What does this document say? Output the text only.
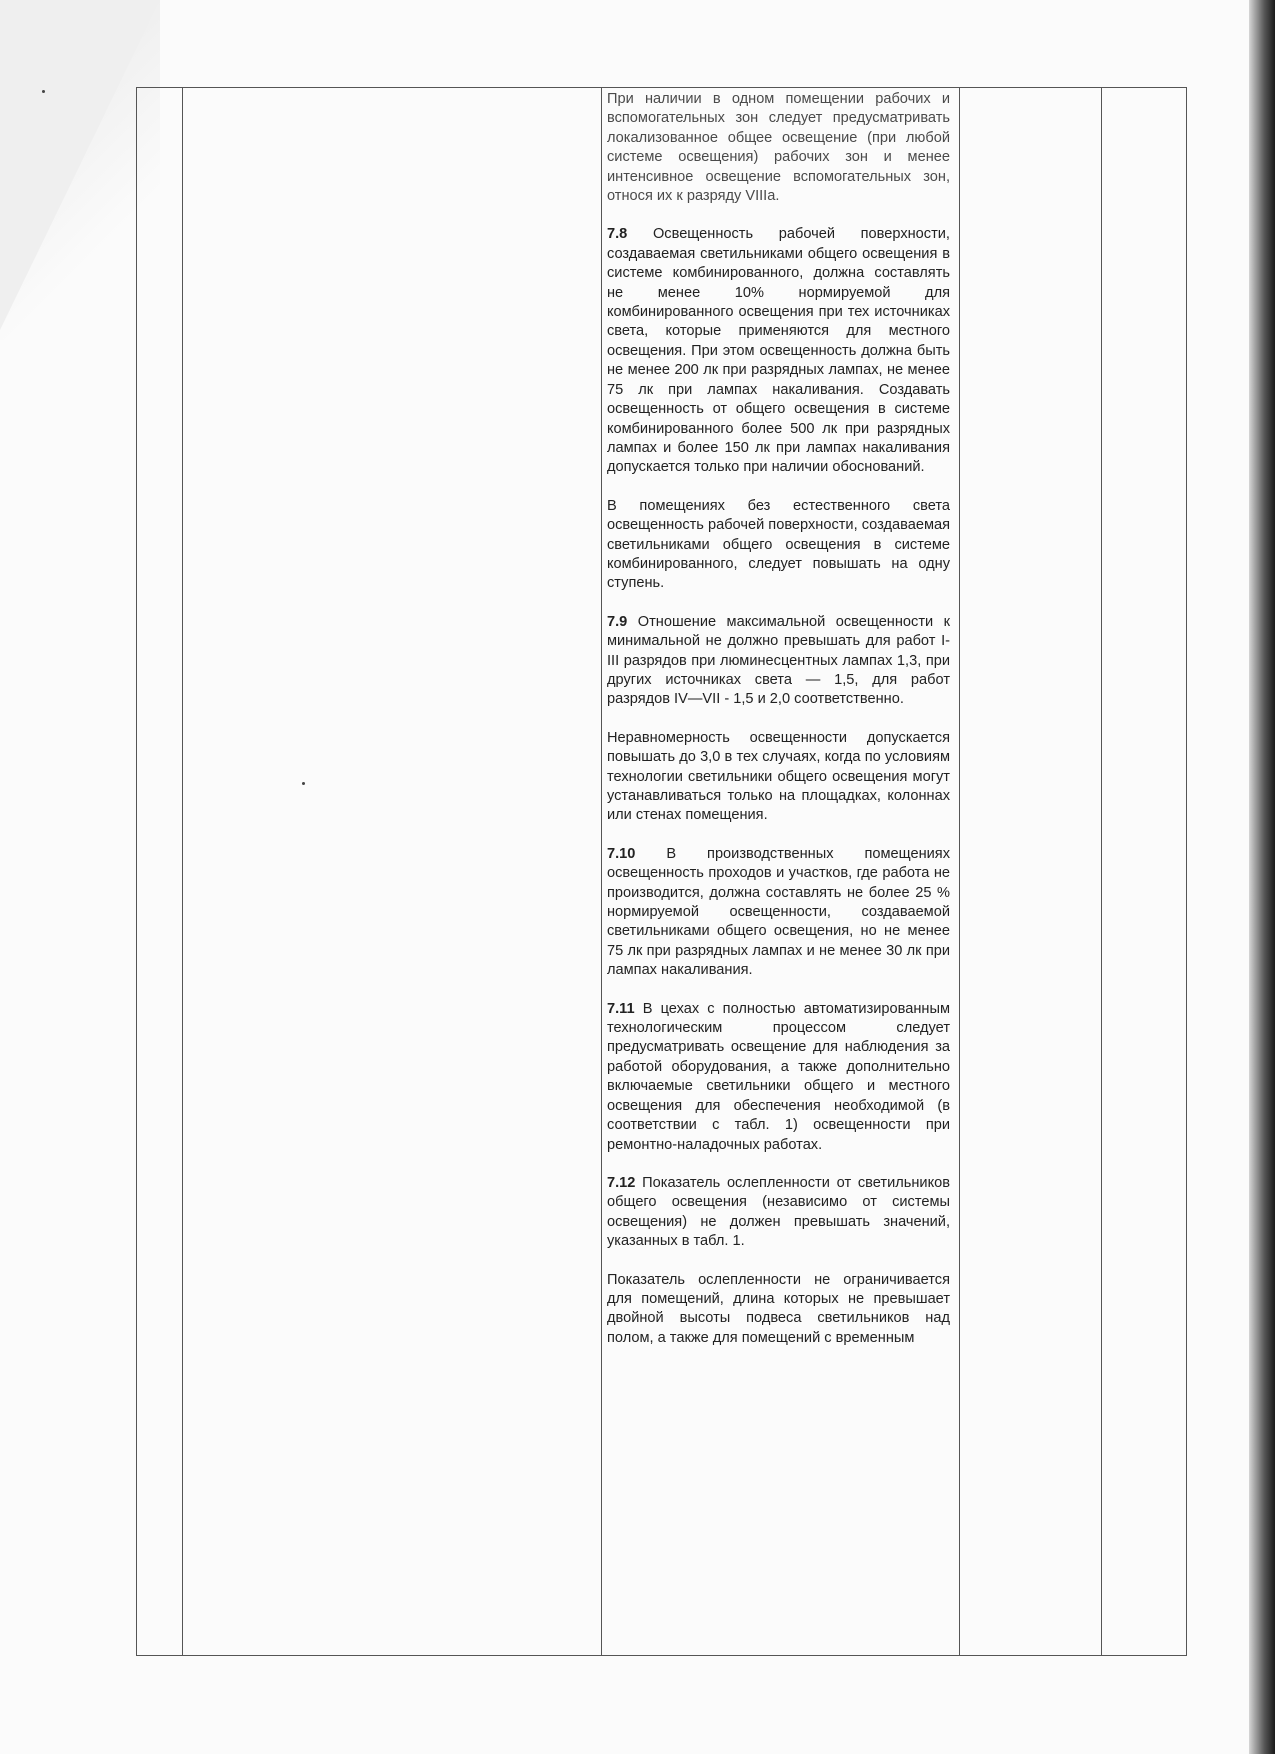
При наличии в одном помещении рабочих и вспомогательных зон следует предусматривать локализованное общее освещение (при любой системе освещения) рабочих зон и менее интенсивное освещение вспомогательных зон, относя их к разряду VIIIa.

7.8 Освещенность рабочей поверхности, создаваемая светильниками общего освещения в системе комбинированного, должна составлять не менее 10% нормируемой для комбинированного освещения при тех источниках света, которые применяются для местного освещения. При этом освещенность должна быть не менее 200 лк при разрядных лампах, не менее 75 лк при лампах накаливания. Создавать освещенность от общего освещения в системе комбинированного более 500 лк при разрядных лампах и более 150 лк при лампах накаливания допускается только при наличии обоснований.

В помещениях без естественного света освещенность рабочей поверхности, создаваемая светильниками общего освещения в системе комбинированного, следует повышать на одну ступень.

7.9 Отношение максимальной освещенности к минимальной не должно превышать для работ I-III разрядов при люминесцентных лампах 1,3, при других источниках света — 1,5, для работ разрядов IV—VII - 1,5 и 2,0 соответственно.

Неравномерность освещенности допускается повышать до 3,0 в тех случаях, когда по условиям технологии светильники общего освещения могут устанавливаться только на площадках, колоннах или стенах помещения.

7.10 В производственных помещениях освещенность проходов и участков, где работа не производится, должна составлять не более 25 % нормируемой освещенности, создаваемой светильниками общего освещения, но не менее 75 лк при разрядных лампах и не менее 30 лк при лампах накаливания.

7.11 В цехах с полностью автоматизированным технологическим процессом следует предусматривать освещение для наблюдения за работой оборудования, а также дополнительно включаемые светильники общего и местного освещения для обеспечения необходимой (в соответствии с табл. 1) освещенности при ремонтно-наладочных работах.

7.12 Показатель ослепленности от светильников общего освещения (независимо от системы освещения) не должен превышать значений, указанных в табл. 1.

Показатель ослепленности не ограничивается для помещений, длина которых не превышает двойной высоты подвеса светильников над полом, а также для помещений с временным
